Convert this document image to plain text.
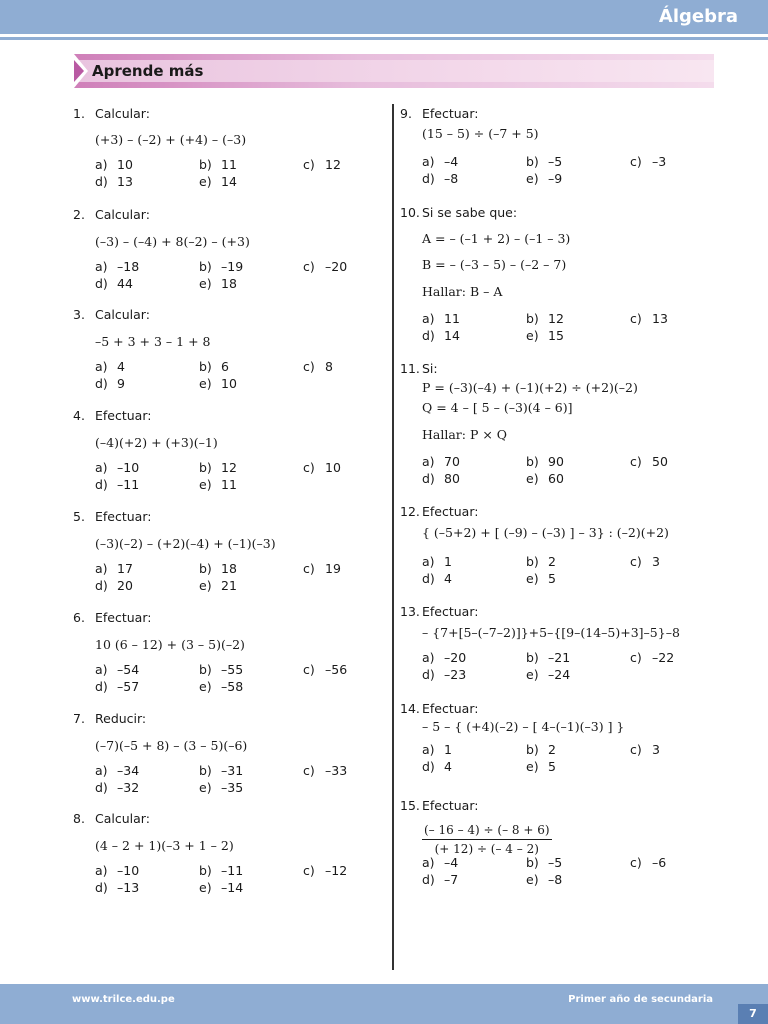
Álgebra
Aprende más
1. Calcular:
(+3) – (–2) + (+4) – (–3)
a) 10	b) 11	c) 12
d) 13	e) 14
2. Calcular:
(–3) – (–4) + 8(–2) – (+3)
a) –18	b) –19	c) –20
d) 44	e) 18
3. Calcular:
–5 + 3 + 3 – 1 + 8
a) 4	b) 6	c) 8
d) 9	e) 10
4. Efectuar:
(–4)(+2) + (+3)(–1)
a) –10	b) 12	c) 10
d) –11	e) 11
5. Efectuar:
(–3)(–2) – (+2)(–4) + (–1)(–3)
a) 17	b) 18	c) 19
d) 20	e) 21
6. Efectuar:
10 (6 – 12) + (3 – 5)(–2)
a) –54	b) –55	c) –56
d) –57	e) –58
7. Reducir:
(–7)(–5 + 8) – (3 – 5)(–6)
a) –34	b) –31	c) –33
d) –32	e) –35
8. Calcular:
(4 – 2 + 1)(–3 + 1 – 2)
a) –10	b) –11	c) –12
d) –13	e) –14
9. Efectuar:
(15 – 5) ÷ (–7 + 5)
a) –4	b) –5	c) –3
d) –8	e) –9
10. Si se sabe que:
A = – (–1 + 2) – (–1 – 3)
B = – (–3 – 5) – (–2 – 7)
Hallar: B – A
a) 11	b) 12	c) 13
d) 14	e) 15
11. Si:
P = (–3)(–4) + (–1)(+2) ÷ (+2)(–2)
Q = 4 – [ 5 – (–3)(4 – 6)]
Hallar: P × Q
a) 70	b) 90	c) 50
d) 80	e) 60
12. Efectuar:
{ (–5+2) + [ (–9) – (–3) ] – 3} : (–2)(+2)
a) 1	b) 2	c) 3
d) 4	e) 5
13. Efectuar:
– {7+[5–(–7–2)]}+5–{[9–(14–5)+3]–5}–8
a) –20	b) –21	c) –22
d) –23	e) –24
14. Efectuar:
– 5 – { (+4)(–2) – [ 4–(–1)(–3) ] }
a) 1	b) 2	c) 3
d) 4	e) 5
15. Efectuar:
$\frac{(- 16 - 4) \div (- 8 + 6)}{(+ 12) \div (- 4 - 2)}$
a) –4	b) –5	c) –6
d) –7	e) –8
www.trilce.edu.pe	Primer año de secundaria
7
